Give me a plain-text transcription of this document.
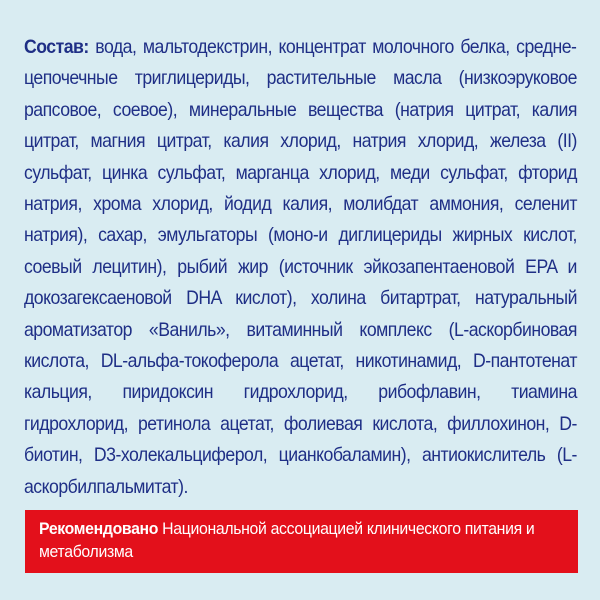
Состав: вода, мальтодекстрин, концентрат молочного белка, среднецепочечные триглицериды, растительные масла (низкоэруковое рапсовое, соевое), минеральные вещества (натрия цитрат, калия цитрат, магния цитрат, калия хлорид, натрия хлорид, железа (II) сульфат, цинка сульфат, марганца хлорид, меди сульфат, фторид натрия, хрома хлорид, йодид калия, молибдат аммония, селенит натрия), сахар, эмульгаторы (моно-и диглицериды жирных кислот, соевый лецитин), рыбий жир (источник эйкозапентаеновой EPA и докозагексаеновой DHA кислот), холина битартрат, натуральный ароматизатор «Ваниль», витаминный комплекс (L-аскорбиновая кислота, DL-альфа-токоферола ацетат, никотинамид, D-пантотенат кальция, пиридоксин гидрохлорид, рибофлавин, тиамина гидрохлорид, ретинола ацетат, фолиевая кислота, филлохинон, D-биотин, D3-холекальциферол, цианкобаламин), антиокислитель (L-аскорбилпальмитат).

Рекомендовано Национальной ассоциацией клинического питания и метаболизма
